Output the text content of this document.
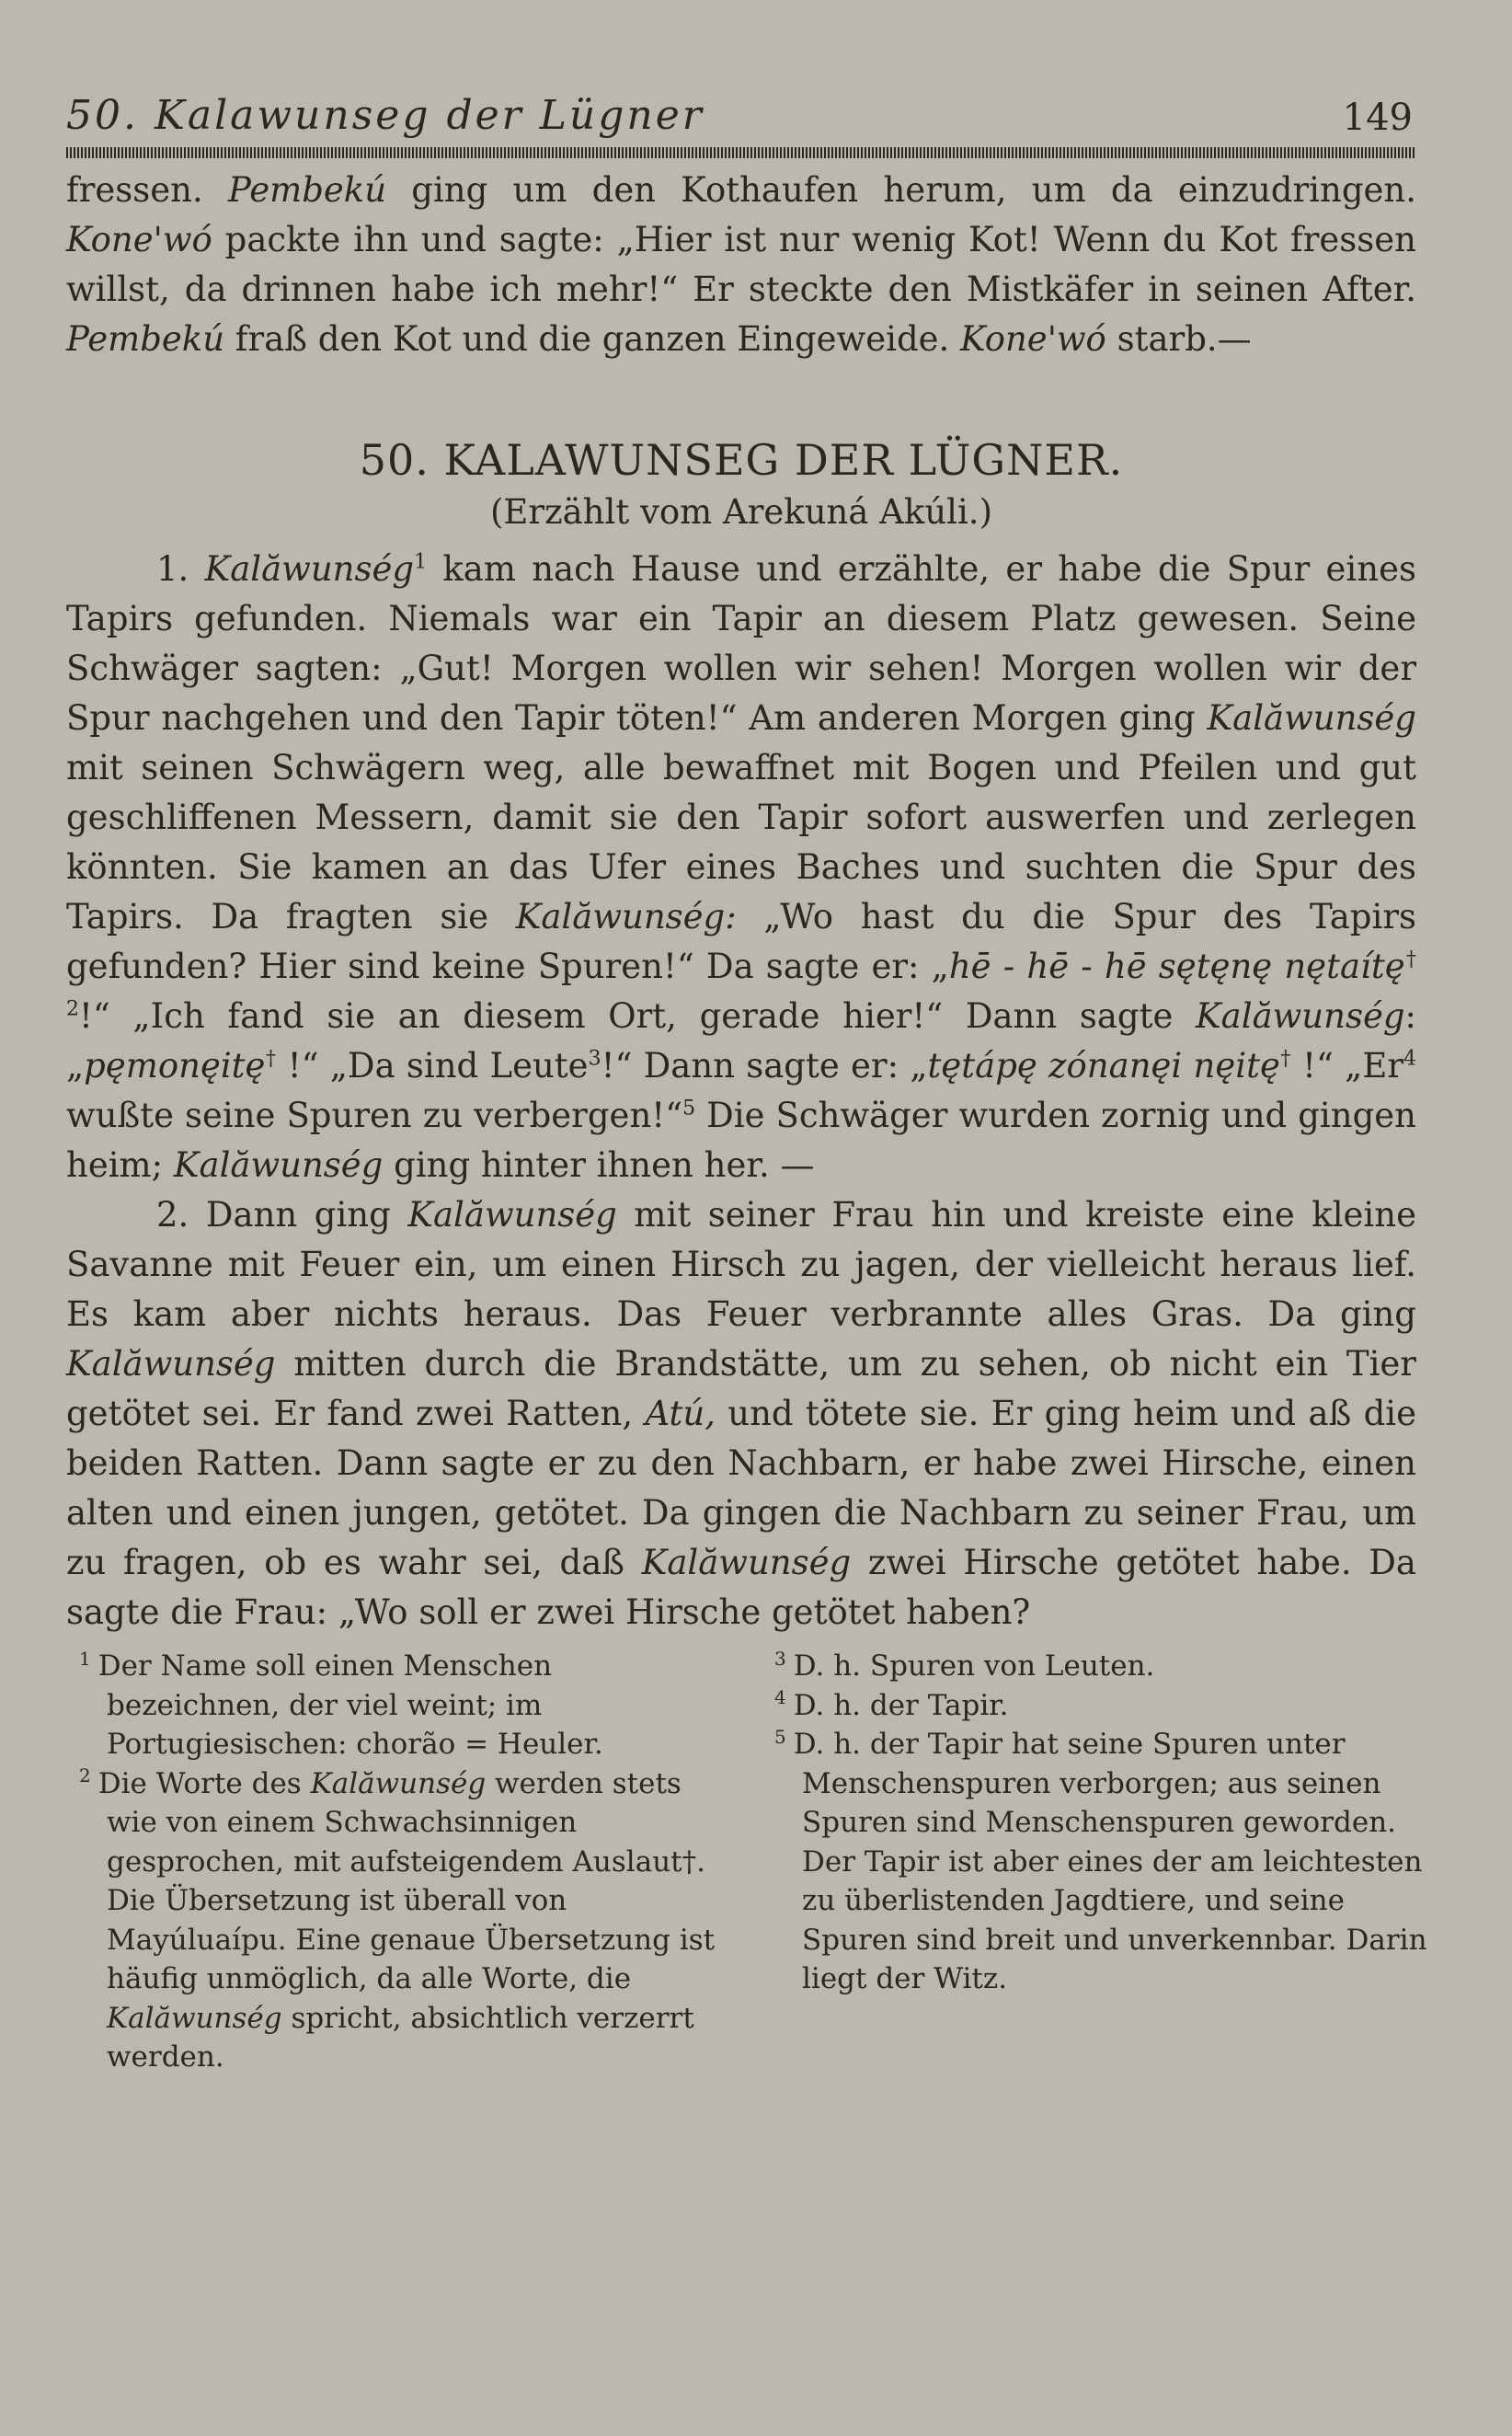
50. Kalawunseg der Lügner	149

fressen. Pembekú ging um den Kothaufen herum, um da einzudringen. Kone'wó packte ihn und sagte: „Hier ist nur wenig Kot! Wenn du Kot fressen willst, da drinnen habe ich mehr!“ Er steckte den Mistkäfer in seinen After. Pembekú fraß den Kot und die ganzen Eingeweide. Kone'wó starb.—

50. KALAWUNSEG DER LÜGNER.
(Erzählt vom Arekuná Akúli.)

1. Kalăwunség$^1$ kam nach Hause und erzählte, er habe die Spur eines Tapirs gefunden. Niemals war ein Tapir an diesem Platz gewesen. Seine Schwäger sagten: „Gut! Morgen wollen wir sehen! Morgen wollen wir der Spur nachgehen und den Tapir töten!“ Am anderen Morgen ging Kalăwunség mit seinen Schwägern weg, alle bewaffnet mit Bogen und Pfeilen und gut geschliffenen Messern, damit sie den Tapir sofort auswerfen und zerlegen könnten. Sie kamen an das Ufer eines Baches und suchten die Spur des Tapirs. Da fragten sie Kalăwunség: „Wo hast du die Spur des Tapirs gefunden? Hier sind keine Spuren!“ Da sagte er: „hē - hē - hē sętęnę nętaítę$^{\dagger 2}$!“ „Ich fand sie an diesem Ort, gerade hier!“ Dann sagte Kalăwunség: „pęmonęitę† !“ „Da sind Leute$^3$!“ Dann sagte er: „tętápę zónanęi nęitę† !“ „Er$^4$ wußte seine Spuren zu verbergen!“$^5$ Die Schwäger wurden zornig und gingen heim; Kalăwunség ging hinter ihnen her. —

2. Dann ging Kalăwunség mit seiner Frau hin und kreiste eine kleine Savanne mit Feuer ein, um einen Hirsch zu jagen, der vielleicht heraus lief. Es kam aber nichts heraus. Das Feuer verbrannte alles Gras. Da ging Kalăwunség mitten durch die Brandstätte, um zu sehen, ob nicht ein Tier getötet sei. Er fand zwei Ratten, Atú, und tötete sie. Er ging heim und aß die beiden Ratten. Dann sagte er zu den Nachbarn, er habe zwei Hirsche, einen alten und einen jungen, getötet. Da gingen die Nachbarn zu seiner Frau, um zu fragen, ob es wahr sei, daß Kalăwunség zwei Hirsche getötet habe. Da sagte die Frau: „Wo soll er zwei Hirsche getötet haben?

$^1$ Der Name soll einen Menschen bezeichnen, der viel weint; im Portugiesischen: chorão = Heuler.

$^2$ Die Worte des Kalăwunség werden stets wie von einem Schwachsinnigen gesprochen, mit aufsteigendem Auslaut†. Die Übersetzung ist überall von Mayúluaípu. Eine genaue Übersetzung ist häufig unmöglich, da alle Worte, die Kalăwunség spricht, absichtlich verzerrt werden.

$^3$ D. h. Spuren von Leuten.

$^4$ D. h. der Tapir.

$^5$ D. h. der Tapir hat seine Spuren unter Menschenspuren verborgen; aus seinen Spuren sind Menschenspuren geworden. Der Tapir ist aber eines der am leichtesten zu überlistenden Jagdtiere, und seine Spuren sind breit und unverkennbar. Darin liegt der Witz.
